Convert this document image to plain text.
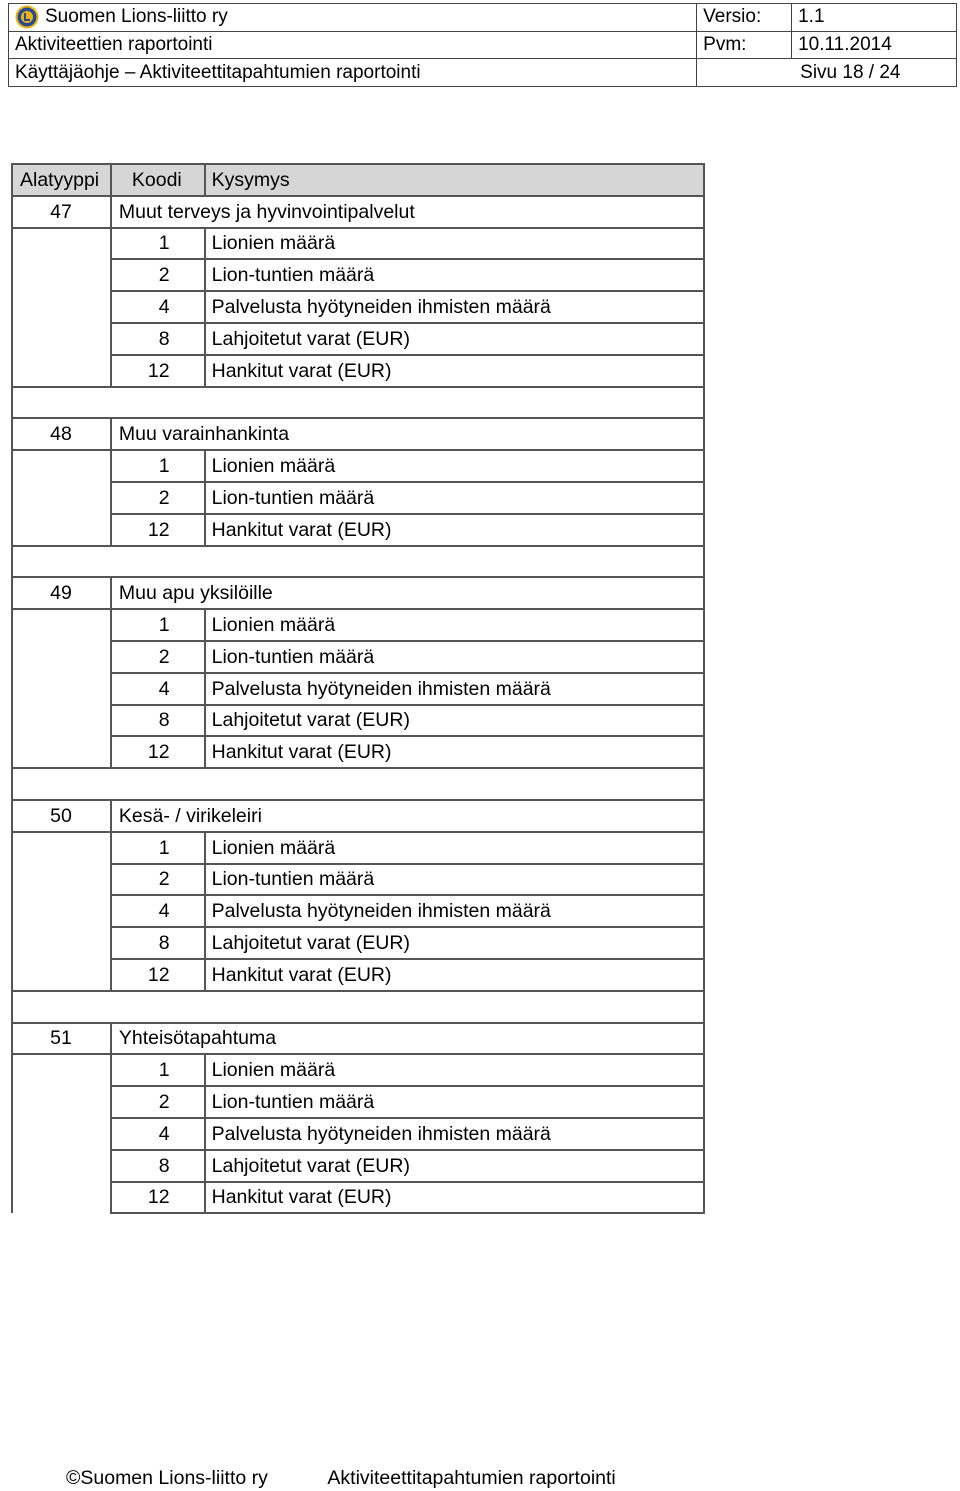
Suomen Lions-liitto ry	Versio:	1.1
Aktiviteettien raportointi	Pvm:	10.11.2014
Käyttäjäohje – Aktiviteettitapahtumien raportointi	Sivu 18 / 24	
Alatyyppi	Koodi	Kysymys
47	Muut terveys ja hyvinvointipalvelut	
	1	Lionien määrä
	2	Lion-tuntien määrä
	4	Palvelusta hyötyneiden ihmisten määrä
	8	Lahjoitetut varat (EUR)
	12	Hankitut varat (EUR)

48	Muu varainhankinta	
	1	Lionien määrä
	2	Lion-tuntien määrä
	12	Hankitut varat (EUR)

49	Muu apu yksilöille	
	1	Lionien määrä
	2	Lion-tuntien määrä
	4	Palvelusta hyötyneiden ihmisten määrä
	8	Lahjoitetut varat (EUR)
	12	Hankitut varat (EUR)

50	Kesä- / virikeleiri	
	1	Lionien määrä
	2	Lion-tuntien määrä
	4	Palvelusta hyötyneiden ihmisten määrä
	8	Lahjoitetut varat (EUR)
	12	Hankitut varat (EUR)

51	Yhteisötapahtuma	
	1	Lionien määrä
	2	Lion-tuntien määrä
	4	Palvelusta hyötyneiden ihmisten määrä
	8	Lahjoitetut varat (EUR)
	12	Hankitut varat (EUR)
©Suomen Lions-liitto ry	Aktiviteettitapahtumien raportointi
